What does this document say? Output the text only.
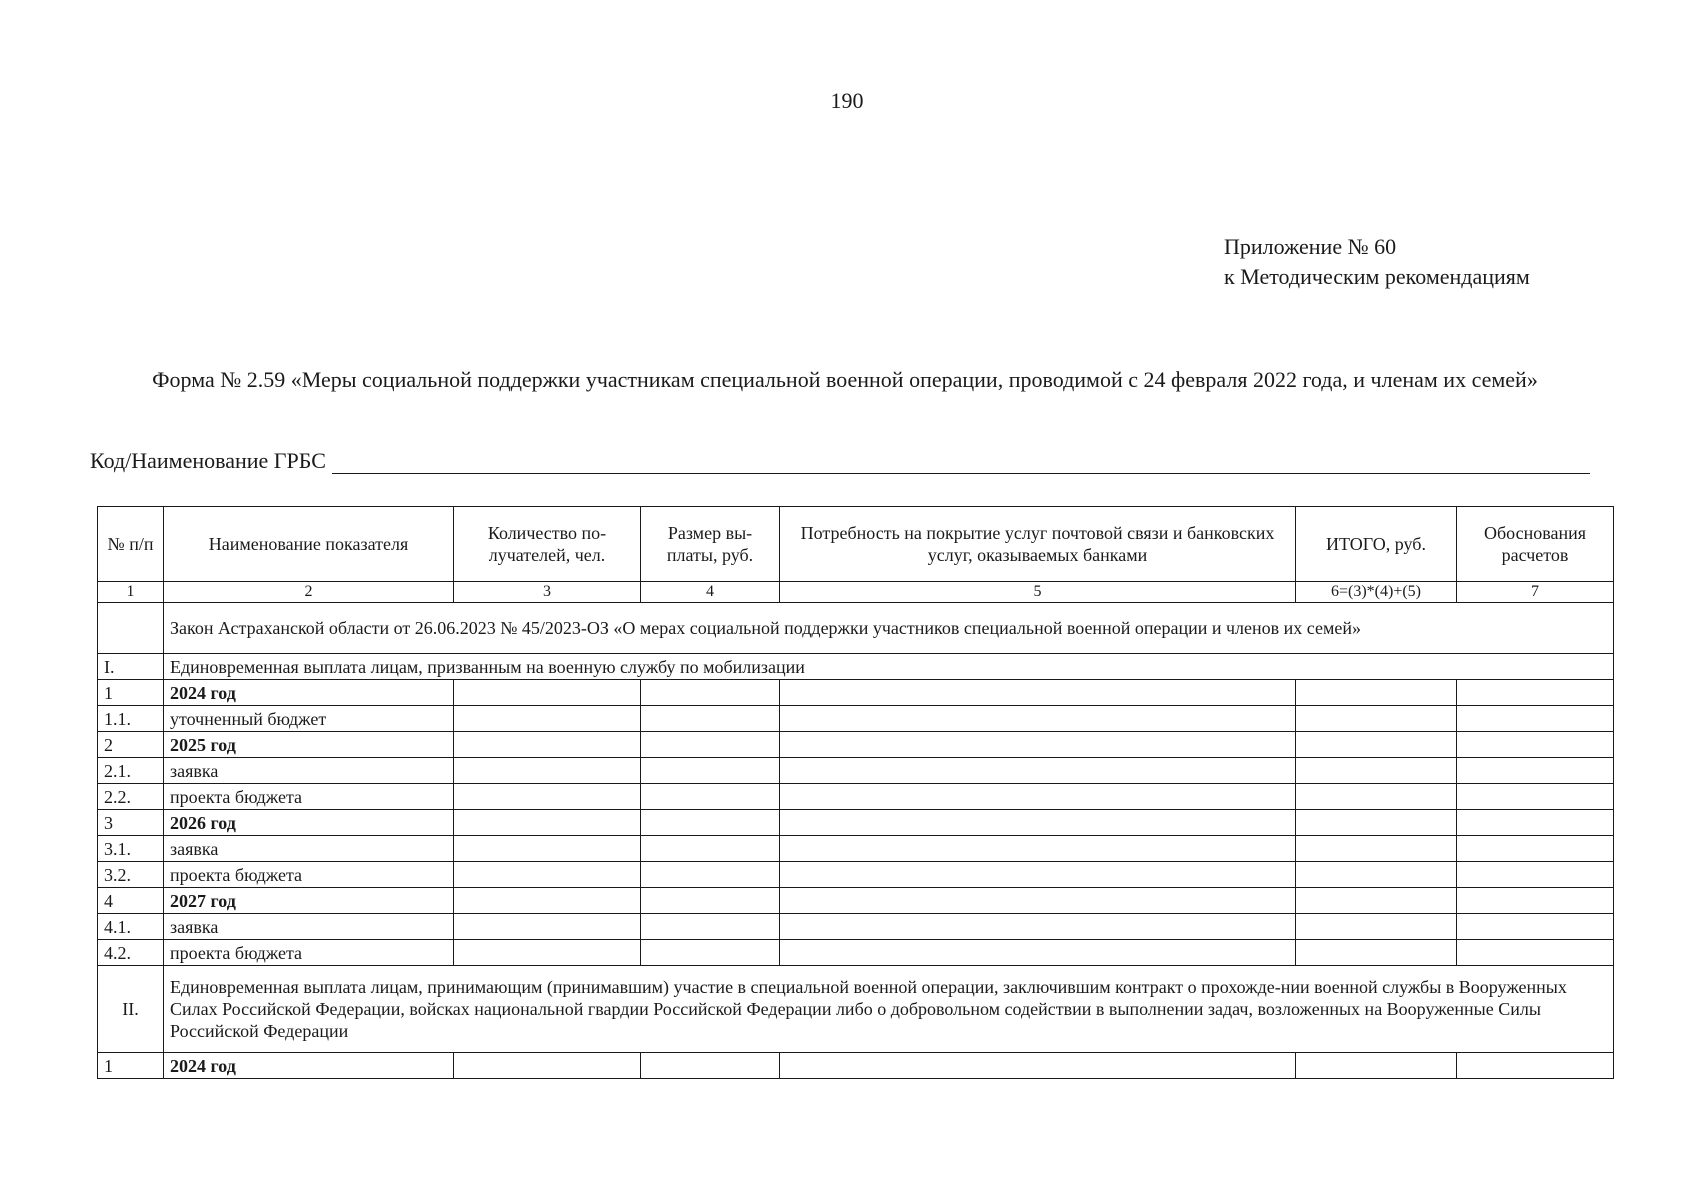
190
Приложение № 60
к Методическим рекомендациям
Форма № 2.59 «Меры социальной поддержки участникам специальной военной операции, проводимой с 24 февраля 2022 года, и членам их семей»
Код/Наименование ГРБС
№ п/п	Наименование показателя	Количество по-лучателей, чел.	Размер вы-платы, руб.	Потребность на покрытие услуг почтовой связи и банковских услуг, оказываемых банками	ИТОГО, руб.	Обоснования расчетов
1	2	3	4	5	6=(3)*(4)+(5)	7
	Закон Астраханской области от 26.06.2023 № 45/2023-ОЗ «О мерах социальной поддержки участников специальной военной операции и членов их семей»					
I.	Единовременная выплата лицам, призванным на военную службу по мобилизации					
1	2024 год					
1.1.	уточненный бюджет					
2	2025 год					
2.1.	заявка					
2.2.	проекта бюджета					
3	2026 год					
3.1.	заявка					
3.2.	проекта бюджета					
4	2027 год					
4.1.	заявка					
4.2.	проекта бюджета					
II.	Единовременная выплата лицам, принимающим (принимавшим) участие в специальной военной операции, заключившим контракт о прохожде-нии военной службы в Вооруженных Силах Российской Федерации, войсках национальной гвардии Российской Федерации либо о добровольном содействии в выполнении задач, возложенных на Вооруженные Силы Российской Федерации					
1	2024 год					
